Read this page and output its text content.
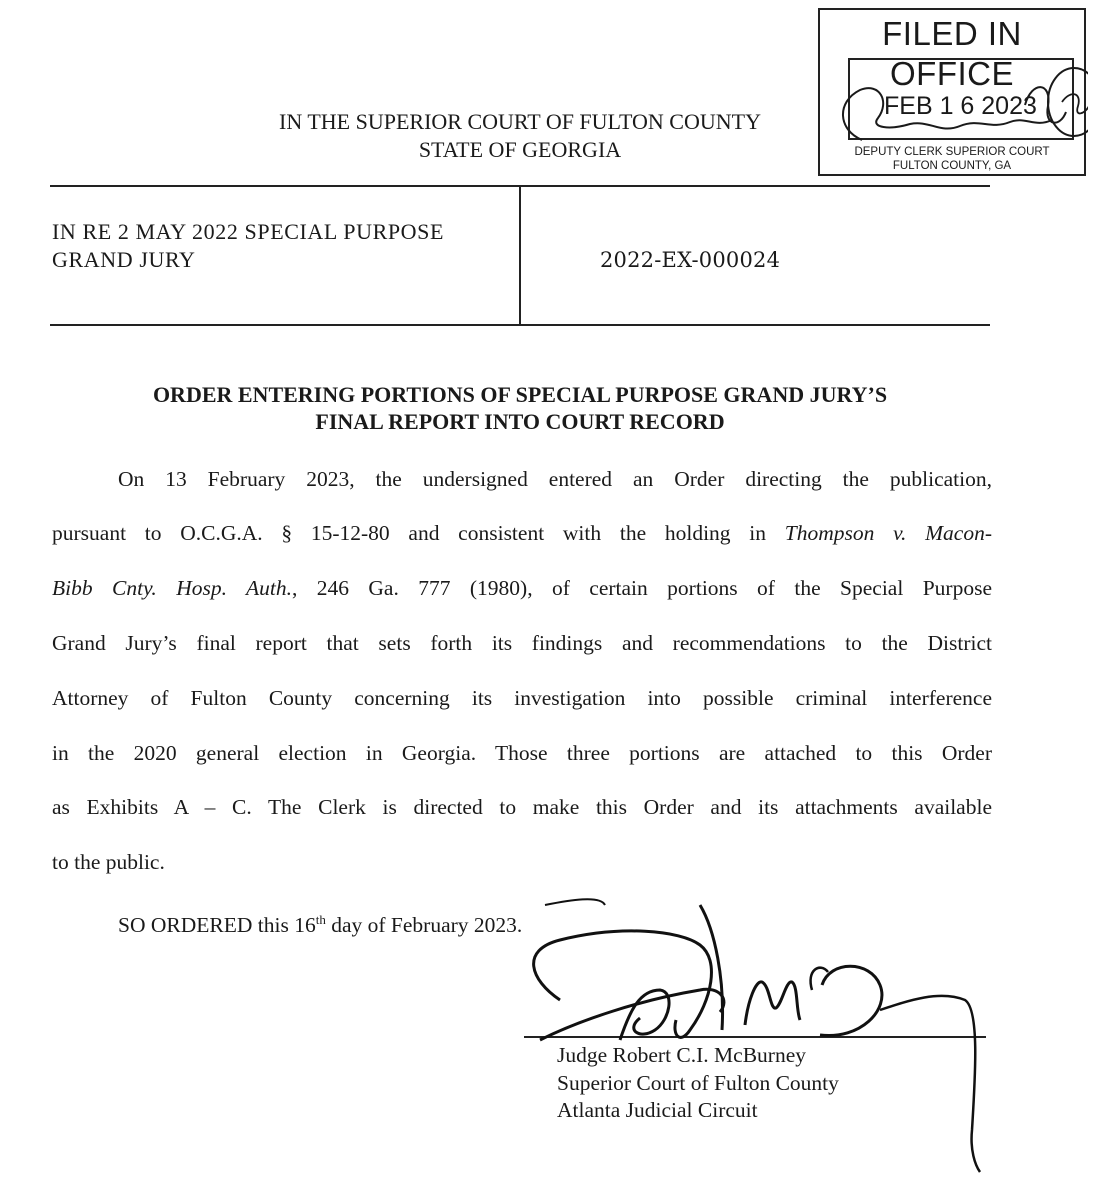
IN THE SUPERIOR COURT OF FULTON COUNTY
STATE OF GEORGIA
FILED IN OFFICE
FEB 1 6 2023
DEPUTY CLERK SUPERIOR COURT
FULTON COUNTY, GA
IN RE 2 MAY 2022 SPECIAL PURPOSE
GRAND JURY	2022-EX-000024
ORDER ENTERING PORTIONS OF SPECIAL PURPOSE GRAND JURY’S
FINAL REPORT INTO COURT RECORD
On 13 February 2023, the undersigned entered an Order directing the publication,
pursuant to O.C.G.A. § 15-12-80 and consistent with the holding in Thompson v. Macon-
Bibb Cnty. Hosp. Auth., 246 Ga. 777 (1980), of certain portions of the Special Purpose
Grand Jury’s final report that sets forth its findings and recommendations to the District
Attorney of Fulton County concerning its investigation into possible criminal interference
in the 2020 general election in Georgia. Those three portions are attached to this Order
as Exhibits A – C. The Clerk is directed to make this Order and its attachments available
to the public.
SO ORDERED this 16th day of February 2023.
Judge Robert C.I. McBurney
Superior Court of Fulton County
Atlanta Judicial Circuit
